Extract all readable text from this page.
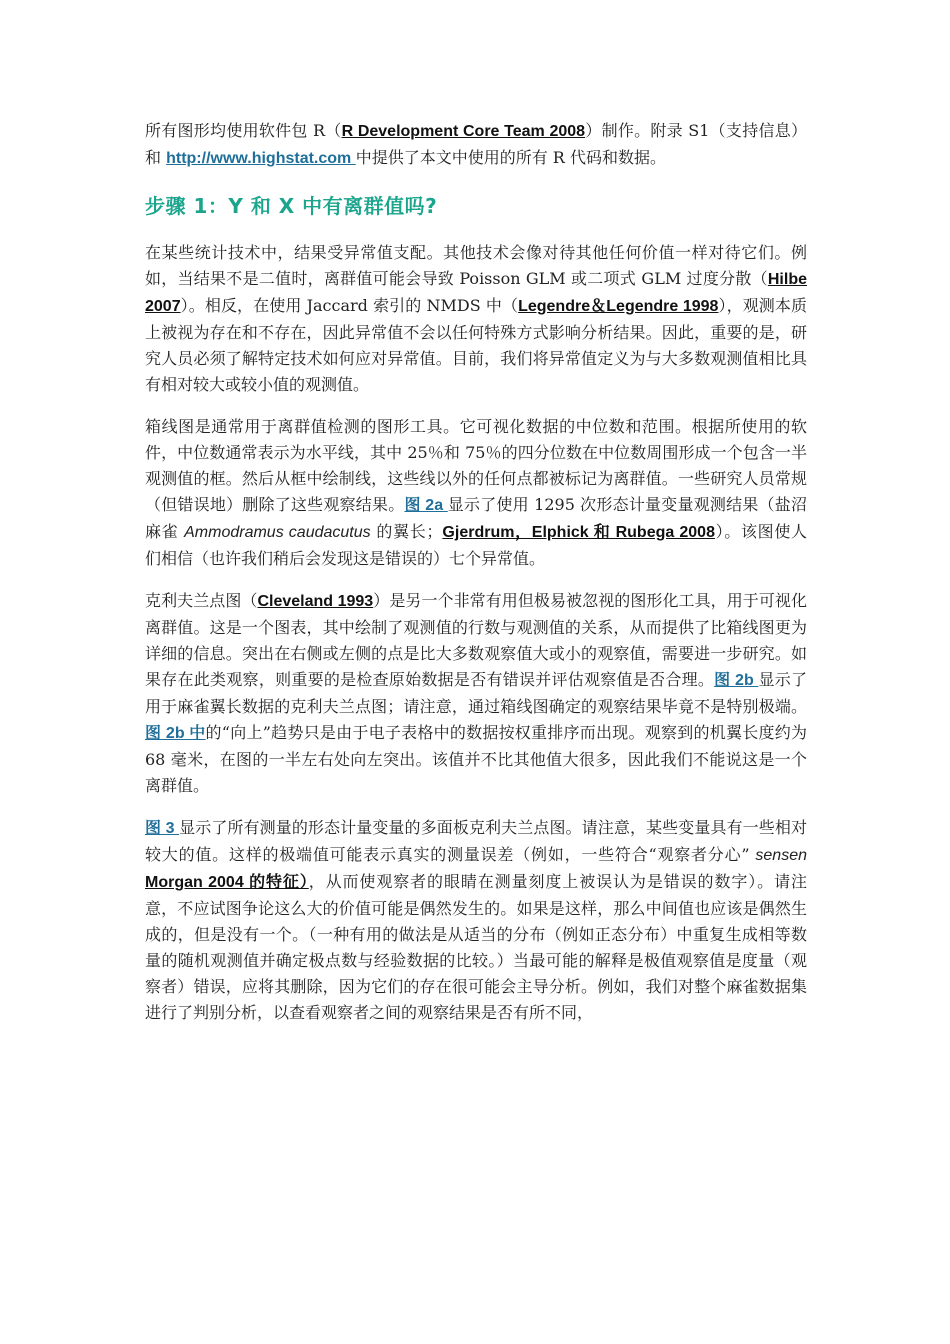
所有图形均使用软件包 R（R Development Core Team 2008）制作。附录 S1（支持信息）和 http://www.highstat.com 中提供了本文中使用的所有 R 代码和数据。

步骤 1：Y 和 X 中有离群值吗?

在某些统计技术中，结果受异常值支配。其他技术会像对待其他任何价值一样对待它们。例如，当结果不是二值时，离群值可能会导致 Poisson GLM 或二项式 GLM 过度分散（Hilbe 2007）。相反，在使用 Jaccard 索引的 NMDS 中（Legendre＆Legendre 1998），观测本质上被视为存在和不存在，因此异常值不会以任何特殊方式影响分析结果。因此，重要的是，研究人员必须了解特定技术如何应对异常值。目前，我们将异常值定义为与大多数观测值相比具有相对较大或较小值的观测值。

箱线图是通常用于离群值检测的图形工具。它可视化数据的中位数和范围。根据所使用的软件，中位数通常表示为水平线，其中 25％和 75％的四分位数在中位数周围形成一个包含一半观测值的框。然后从框中绘制线，这些线以外的任何点都被标记为离群值。一些研究人员常规（但错误地）删除了这些观察结果。图 2a 显示了使用 1295 次形态计量变量观测结果（盐沼麻雀 Ammodramus caudacutus 的翼长；Gjerdrum，Elphick 和 Rubega 2008）。该图使人们相信（也许我们稍后会发现这是错误的）七个异常值。

克利夫兰点图（Cleveland 1993）是另一个非常有用但极易被忽视的图形化工具，用于可视化离群值。这是一个图表，其中绘制了观测值的行数与观测值的关系，从而提供了比箱线图更为详细的信息。突出在右侧或左侧的点是比大多数观察值大或小的观察值，需要进一步研究。如果存在此类观察，则重要的是检查原始数据是否有错误并评估观察值是否合理。图 2b 显示了用于麻雀翼长数据的克利夫兰点图；请注意，通过箱线图确定的观察结果毕竟不是特别极端。图 2b 中的“向上”趋势只是由于电子表格中的数据按权重排序而出现。观察到的机翼长度约为 68 毫米，在图的一半左右处向左突出。该值并不比其他值大很多，因此我们不能说这是一个离群值。

图 3 显示了所有测量的形态计量变量的多面板克利夫兰点图。请注意，某些变量具有一些相对较大的值。这样的极端值可能表示真实的测量误差（例如，一些符合“观察者分心” sensen Morgan 2004 的特征），从而使观察者的眼睛在测量刻度上被误认为是错误的数字）。请注意，不应试图争论这么大的价值可能是偶然发生的。如果是这样，那么中间值也应该是偶然生成的，但是没有一个。（一种有用的做法是从适当的分布（例如正态分布）中重复生成相等数量的随机观测值并确定极点数与经验数据的比较。）当最可能的解释是极值观察值是度量（观察者）错误，应将其删除，因为它们的存在很可能会主导分析。例如，我们对整个麻雀数据集进行了判别分析，以查看观察者之间的观察结果是否有所不同，
